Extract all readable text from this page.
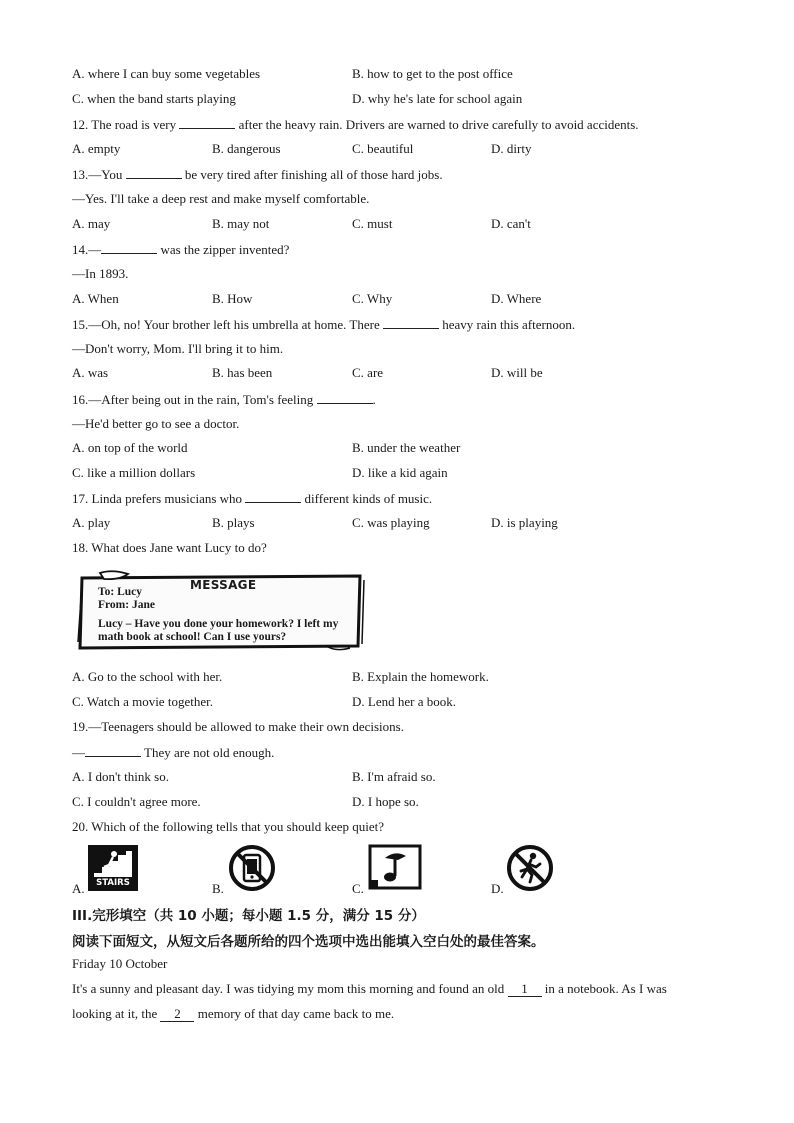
A. where I can buy some vegetables	B. how to get to the post office
C. when the band starts playing	D. why he's late for school again
12. The road is very	after the heavy rain. Drivers are warned to drive carefully to avoid accidents.
A. empty	B. dangerous	C. beautiful	D. dirty
13.—You	be very tired after finishing all of those hard jobs.
—Yes. I'll take a deep rest and make myself comfortable.
A. may	B. may not	C. must	D. can't
14.—	was the zipper invented?
—In 1893.
A. When	B. How	C. Why	D. Where
15.—Oh, no! Your brother left his umbrella at home. There	heavy rain this afternoon.
—Don't worry, Mom. I'll bring it to him.
A. was	B. has been	C. are	D. will be
16.—After being out in the rain, Tom's feeling	.
—He'd better go to see a doctor.
A. on top of the world	B. under the weather
C. like a million dollars	D. like a kid again
17. Linda prefers musicians who	different kinds of music.
A. play	B. plays	C. was playing	D. is playing
18. What does Jane want Lucy to do?
MESSAGE
To: Lucy
From: Jane
Lucy – Have you done your homework? I left my
math book at school! Can I use yours?
A. Go to the school with her.	B. Explain the homework.
C. Watch a movie together.	D. Lend her a book.
19.—Teenagers should be allowed to make their own decisions.
—	They are not old enough.
A. I don't think so.	B. I'm afraid so.
C. I couldn't agree more.	D. I hope so.
20. Which of the following tells that you should keep quiet?
A.	STAIRS	B.	C.	D.
III.完形填空（共 10 小题；每小题 1.5 分，满分 15 分）
阅读下面短文，从短文后各题所给的四个选项中选出能填入空白处的最佳答案。
Friday 10 October
It's a sunny and pleasant day. I was tidying my mom this morning and found an old 1 in a notebook. As I was
looking at it, the 2 memory of that day came back to me.
